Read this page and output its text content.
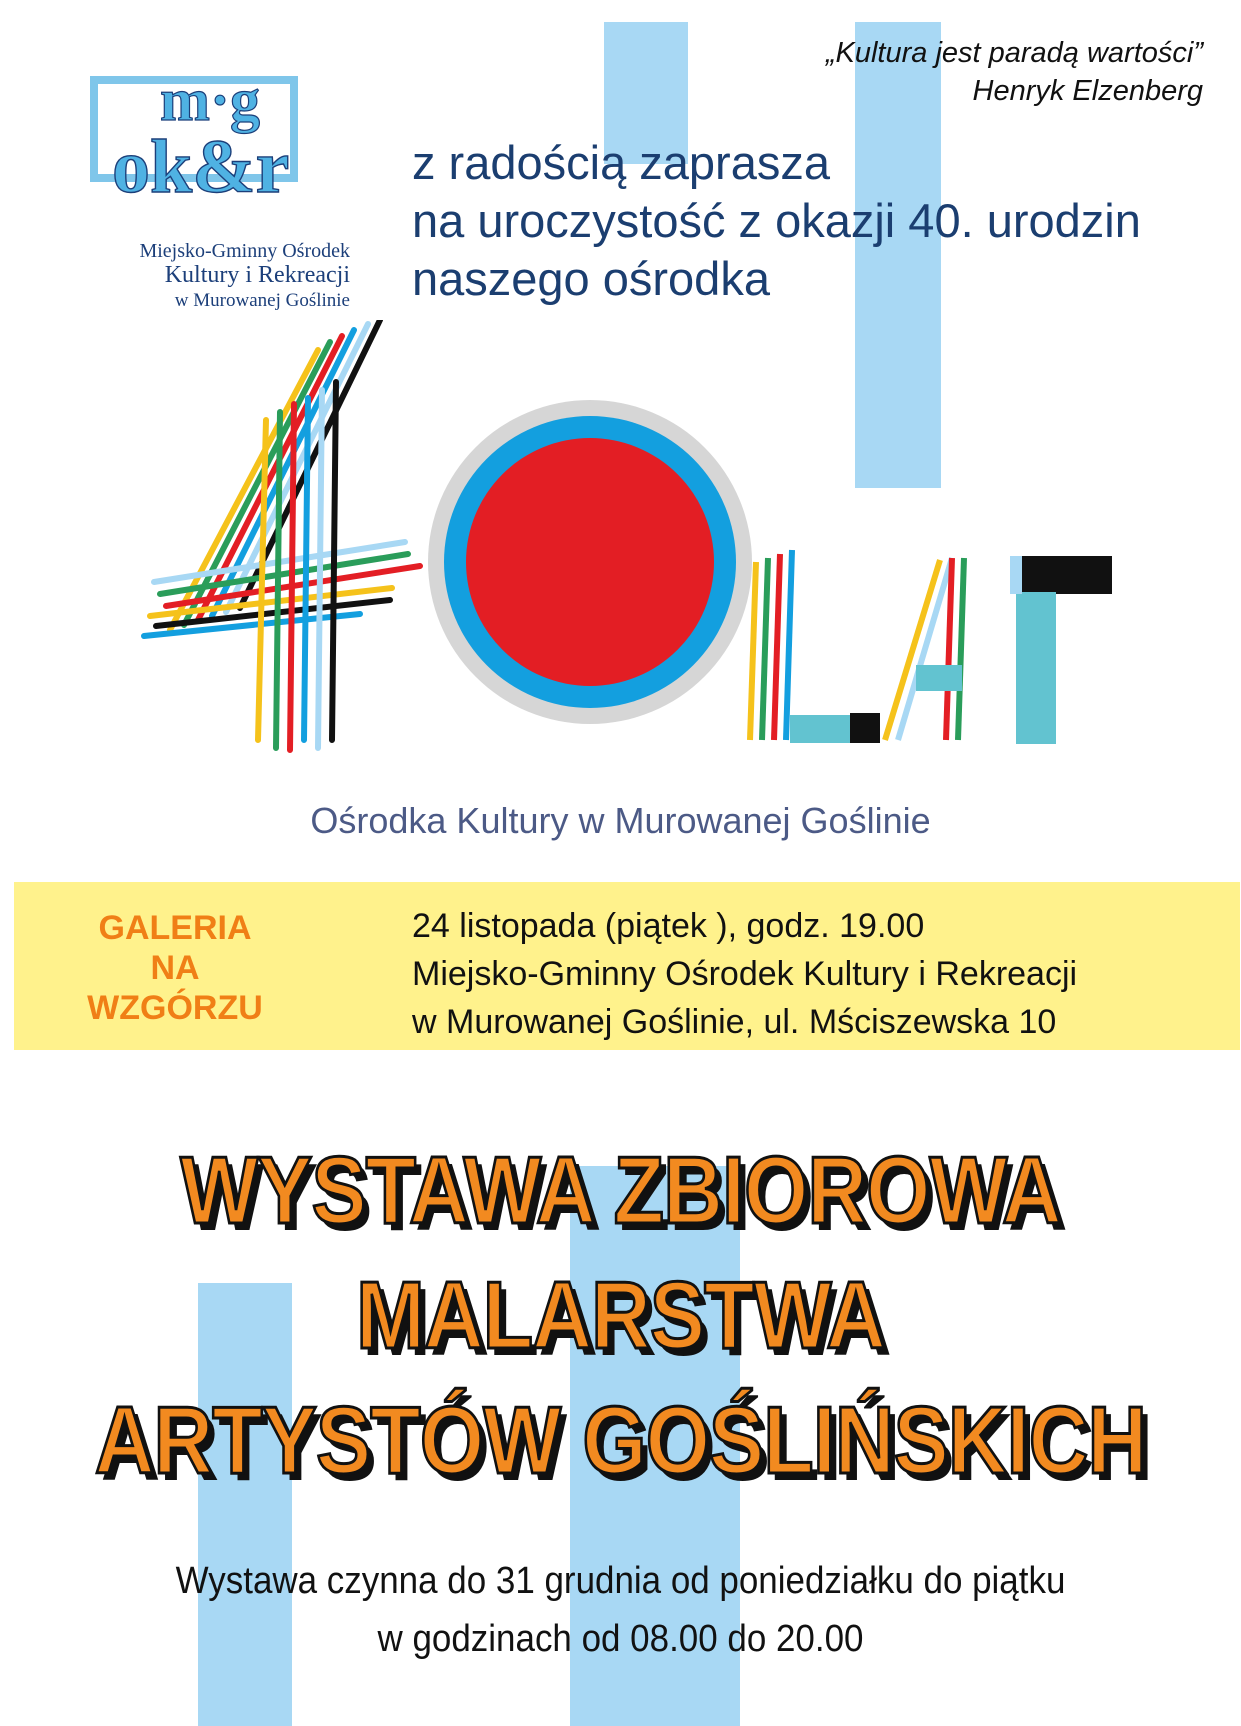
„Kultura jest paradą wartości”
Henryk Elzenberg
m·g
ok&r
Miejsko-Gminny Ośrodek
Kultury i Rekreacji
w Murowanej Goślinie
z radością zaprasza
na uroczystość z okazji 40. urodzin
naszego ośrodka
Ośrodka Kultury w Murowanej Goślinie
GALERIA
NA
WZGÓRZU
24 listopada (piątek ), godz. 19.00
Miejsko-Gminny Ośrodek Kultury i Rekreacji
w Murowanej Goślinie, ul. Mściszewska 10
WYSTAWA ZBIOROWA
MALARSTWA
ARTYSTÓW GOŚLIŃSKICH
Wystawa czynna do 31 grudnia od poniedziałku do piątku
w godzinach od 08.00 do 20.00
